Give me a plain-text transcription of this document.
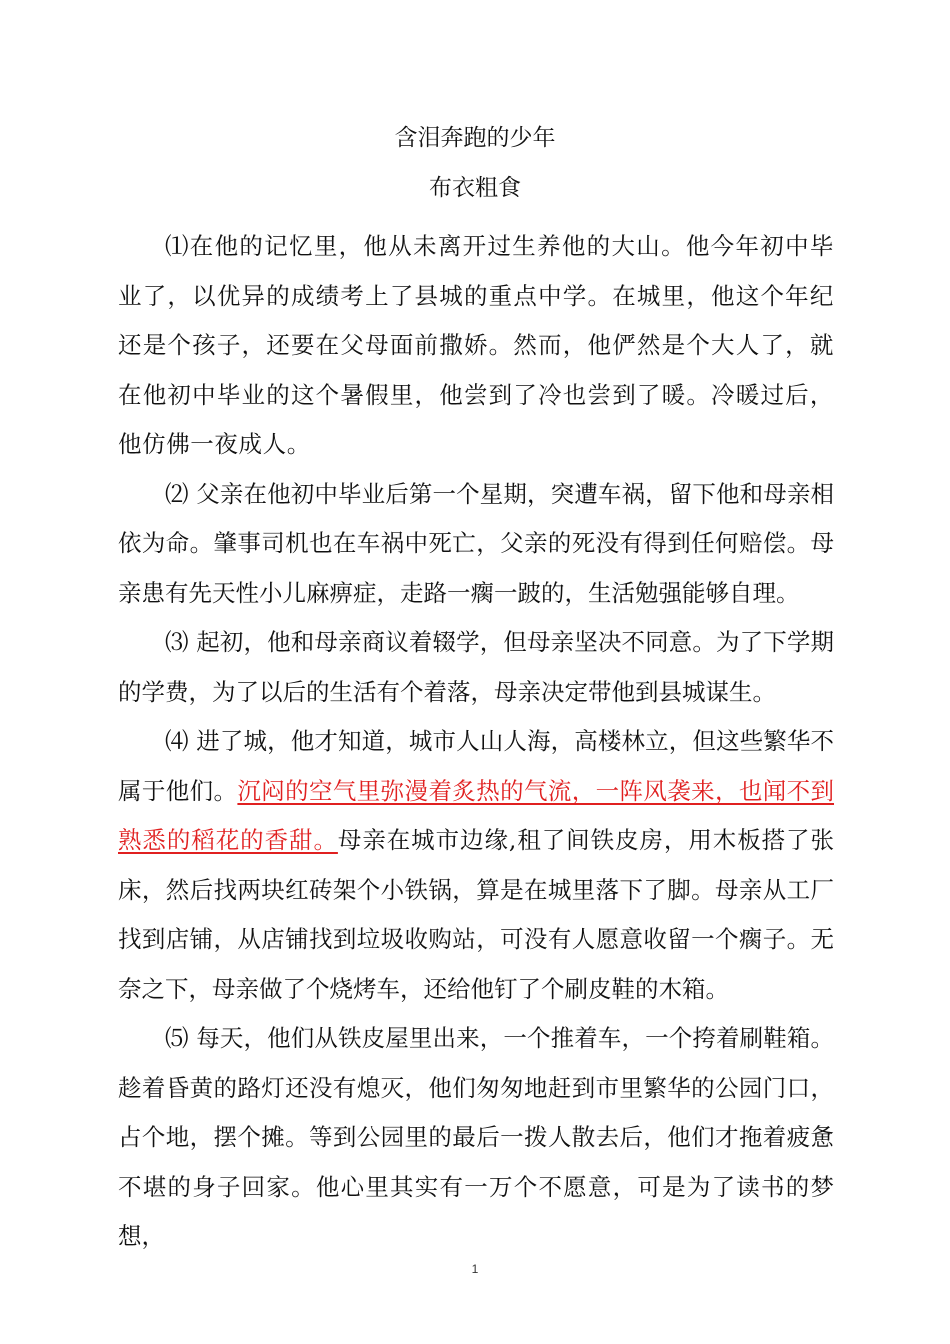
含泪奔跑的少年
布衣粗食

⑴在他的记忆里，他从未离开过生养他的大山。他今年初中毕业了，以优异的成绩考上了县城的重点中学。在城里，他这个年纪还是个孩子，还要在父母面前撒娇。然而，他俨然是个大人了，就在他初中毕业的这个暑假里，他尝到了冷也尝到了暖。冷暖过后，他仿佛一夜成人。

⑵ 父亲在他初中毕业后第一个星期，突遭车祸，留下他和母亲相依为命。肇事司机也在车祸中死亡，父亲的死没有得到任何赔偿。母亲患有先天性小儿麻痹症，走路一瘸一跛的，生活勉强能够自理。

⑶ 起初，他和母亲商议着辍学，但母亲坚决不同意。为了下学期的学费，为了以后的生活有个着落，母亲决定带他到县城谋生。

⑷ 进了城，他才知道，城市人山人海，高楼林立，但这些繁华不属于他们。沉闷的空气里弥漫着炙热的气流，一阵风袭来，也闻不到熟悉的稻花的香甜。母亲在城市边缘,租了间铁皮房，用木板搭了张床，然后找两块红砖架个小铁锅，算是在城里落下了脚。母亲从工厂找到店铺，从店铺找到垃圾收购站，可没有人愿意收留一个瘸子。无奈之下，母亲做了个烧烤车，还给他钉了个刷皮鞋的木箱。

⑸ 每天，他们从铁皮屋里出来，一个推着车，一个挎着刷鞋箱。趁着昏黄的路灯还没有熄灭，他们匆匆地赶到市里繁华的公园门口，占个地，摆个摊。等到公园里的最后一拨人散去后，他们才拖着疲惫不堪的身子回家。他心里其实有一万个不愿意，可是为了读书的梦想，

1
